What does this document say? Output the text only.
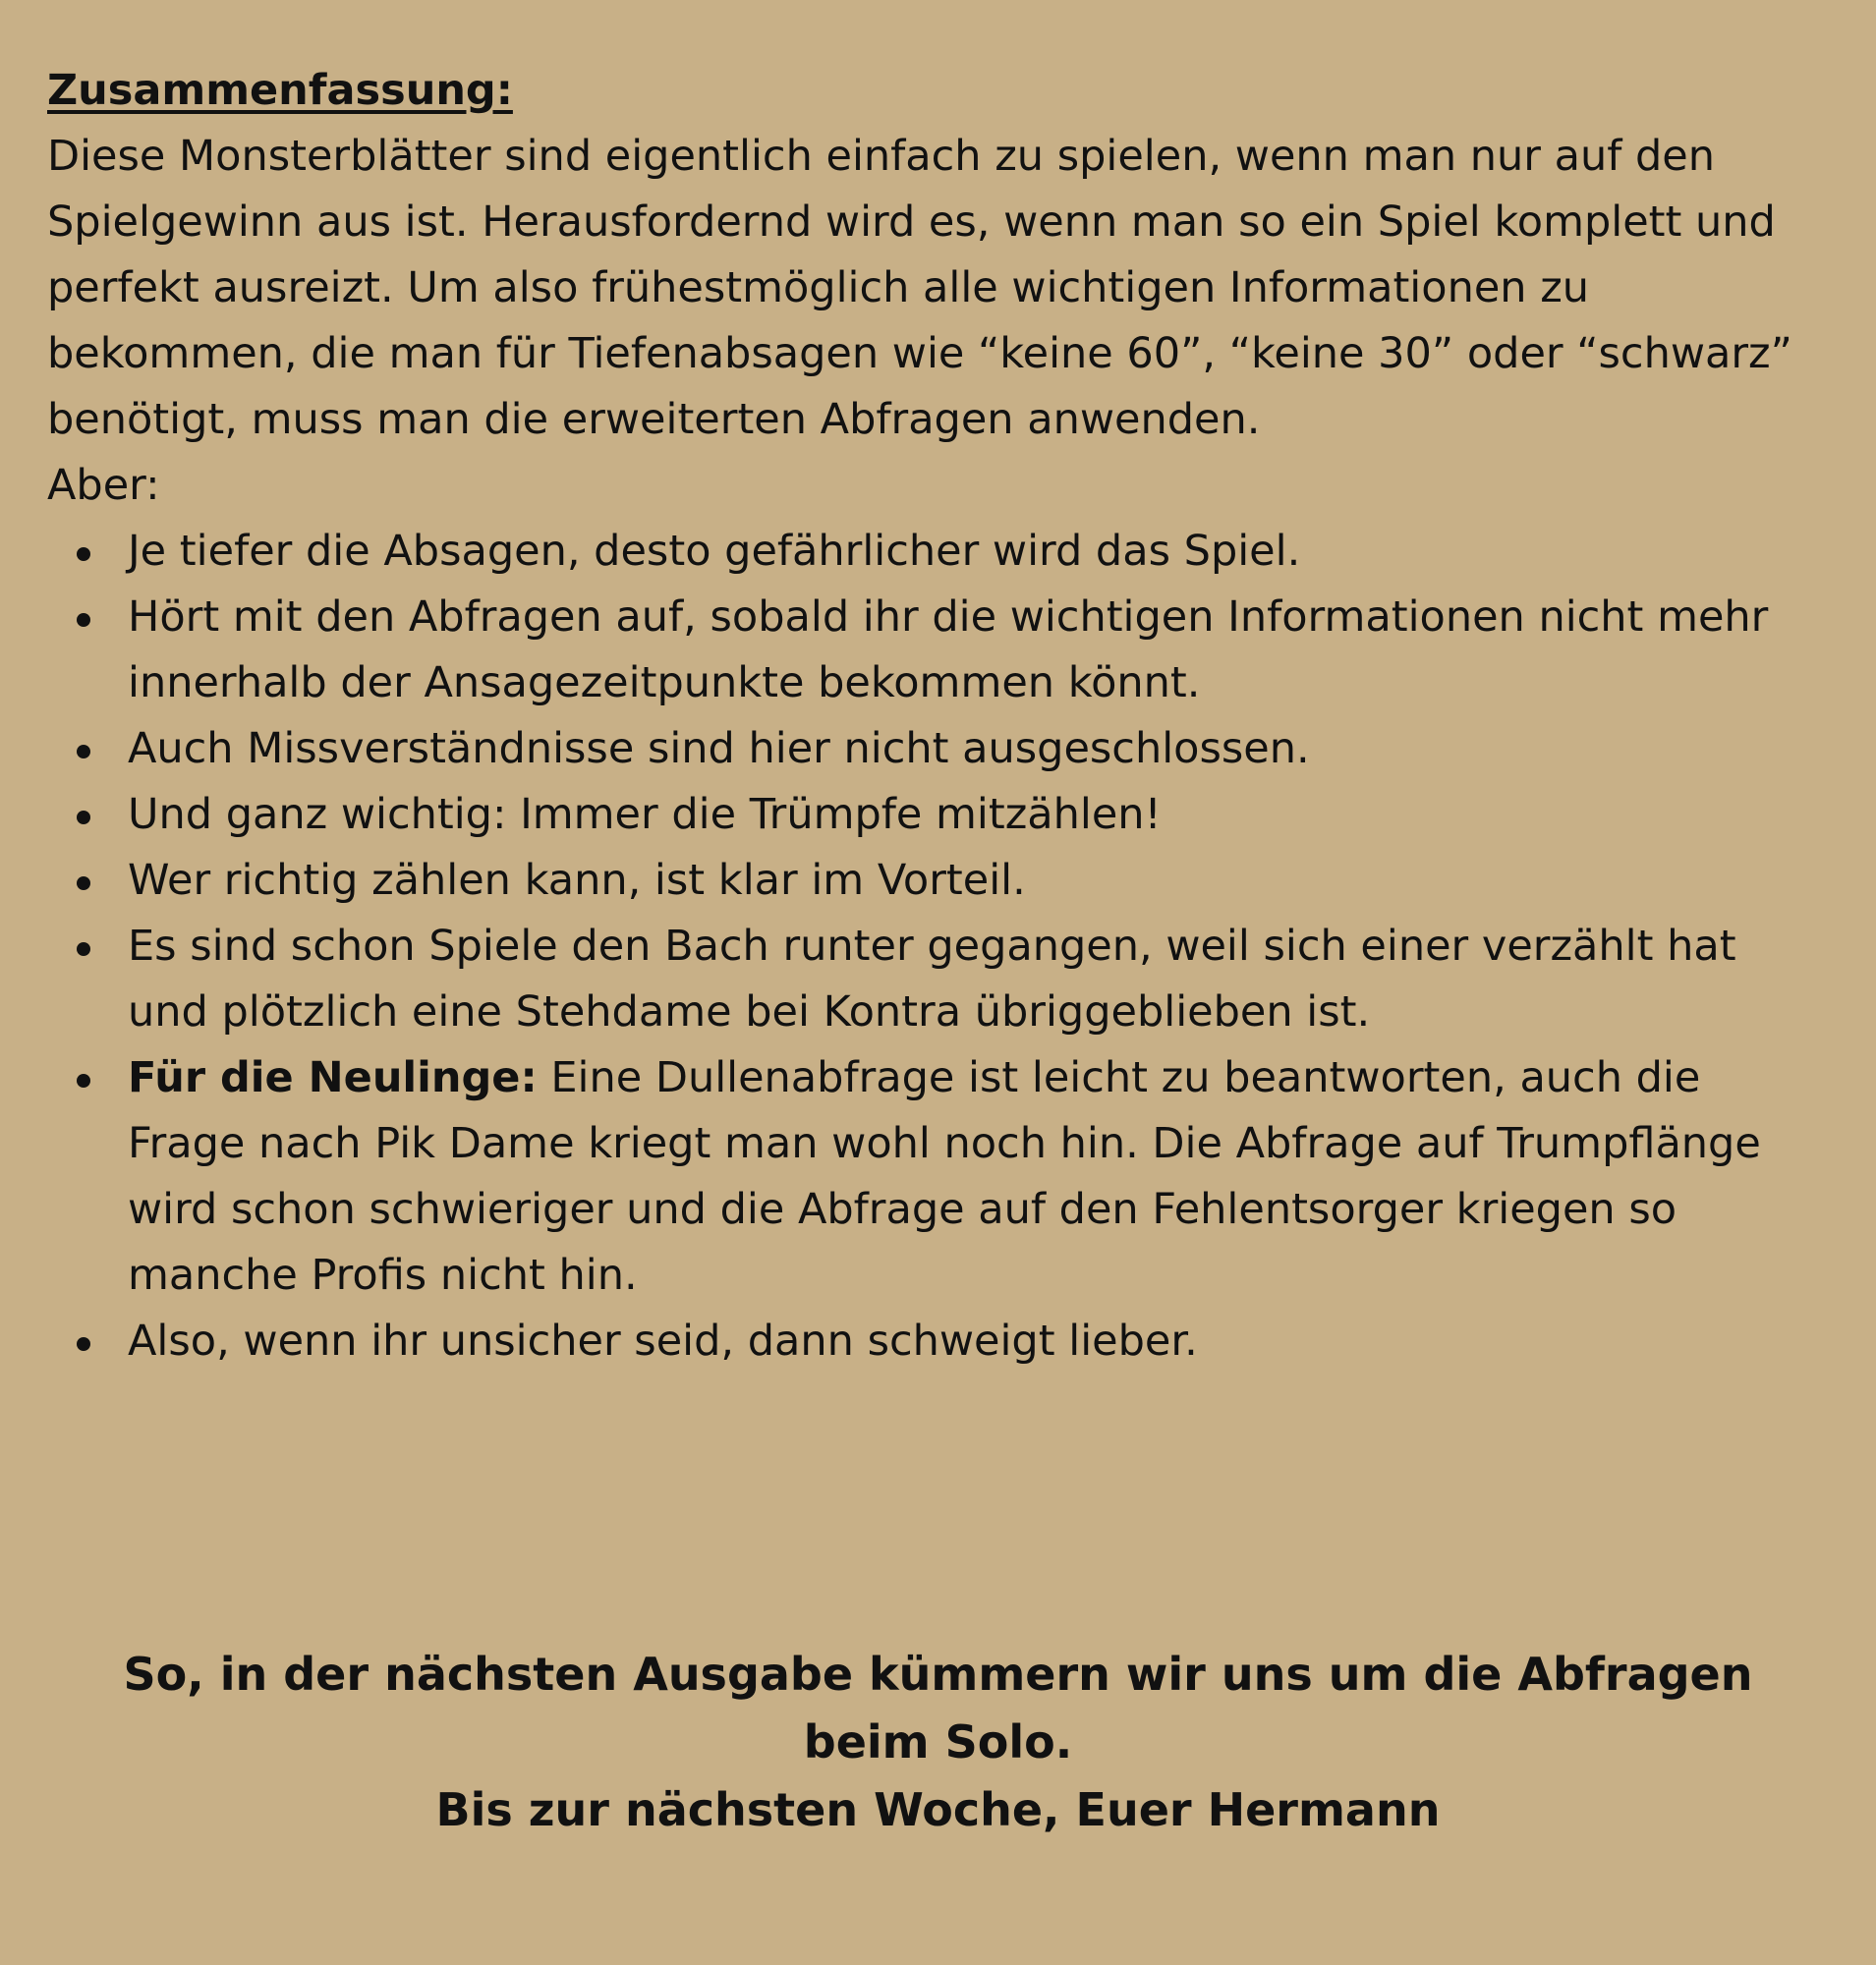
Zusammenfassung:

Diese Monsterblätter sind eigentlich einfach zu spielen, wenn man nur auf den Spielgewinn aus ist. Herausfordernd wird es, wenn man so ein Spiel komplett und perfekt ausreizt. Um also frühestmöglich alle wichtigen Informationen zu bekommen, die man für Tiefenabsagen wie “keine 60”, “keine 30” oder “schwarz” benötigt, muss man die erweiterten Abfragen anwenden.

Aber:

Je tiefer die Absagen, desto gefährlicher wird das Spiel.
Hört mit den Abfragen auf, sobald ihr die wichtigen Informationen nicht mehr innerhalb der Ansagezeitpunkte bekommen könnt.
Auch Missverständnisse sind hier nicht ausgeschlossen.
Und ganz wichtig: Immer die Trümpfe mitzählen!
Wer richtig zählen kann, ist klar im Vorteil.
Es sind schon Spiele den Bach runter gegangen, weil sich einer verzählt hat und plötzlich eine Stehdame bei Kontra übriggeblieben ist.
Für die Neulinge: Eine Dullenabfrage ist leicht zu beantworten, auch die Frage nach Pik Dame kriegt man wohl noch hin. Die Abfrage auf Trumpflänge wird schon schwieriger und die Abfrage auf den Fehlentsorger kriegen so manche Profis nicht hin.
Also, wenn ihr unsicher seid, dann schweigt lieber.
So, in der nächsten Ausgabe kümmern wir uns um die Abfragen beim Solo.
Bis zur nächsten Woche, Euer Hermann
